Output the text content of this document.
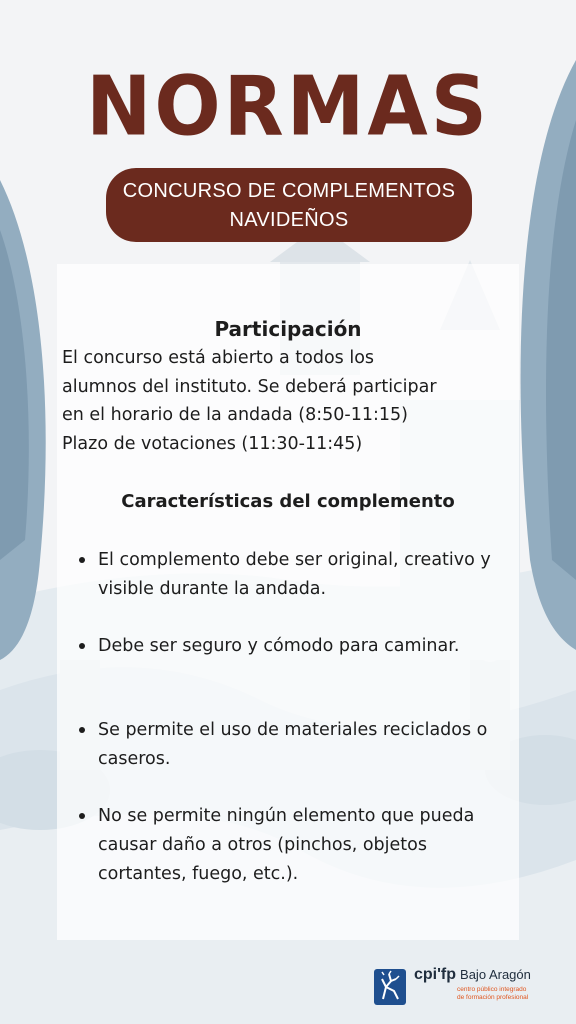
NORMAS
CONCURSO DE COMPLEMENTOS
NAVIDEÑOS
Participación
El concurso está abierto a todos los
alumnos del instituto. Se deberá participar
en el horario de la andada (8:50-11:15)
Plazo de votaciones (11:30-11:45)
Características del complemento
El complemento debe ser original, creativo y visible durante la andada.
Debe ser seguro y cómodo para caminar.
Se permite el uso de materiales reciclados o caseros.
No se permite ningún elemento que pueda causar daño a otros (pinchos, objetos cortantes, fuego, etc.).
cpi'fp Bajo Aragón
centro público integrado
de formación profesional
